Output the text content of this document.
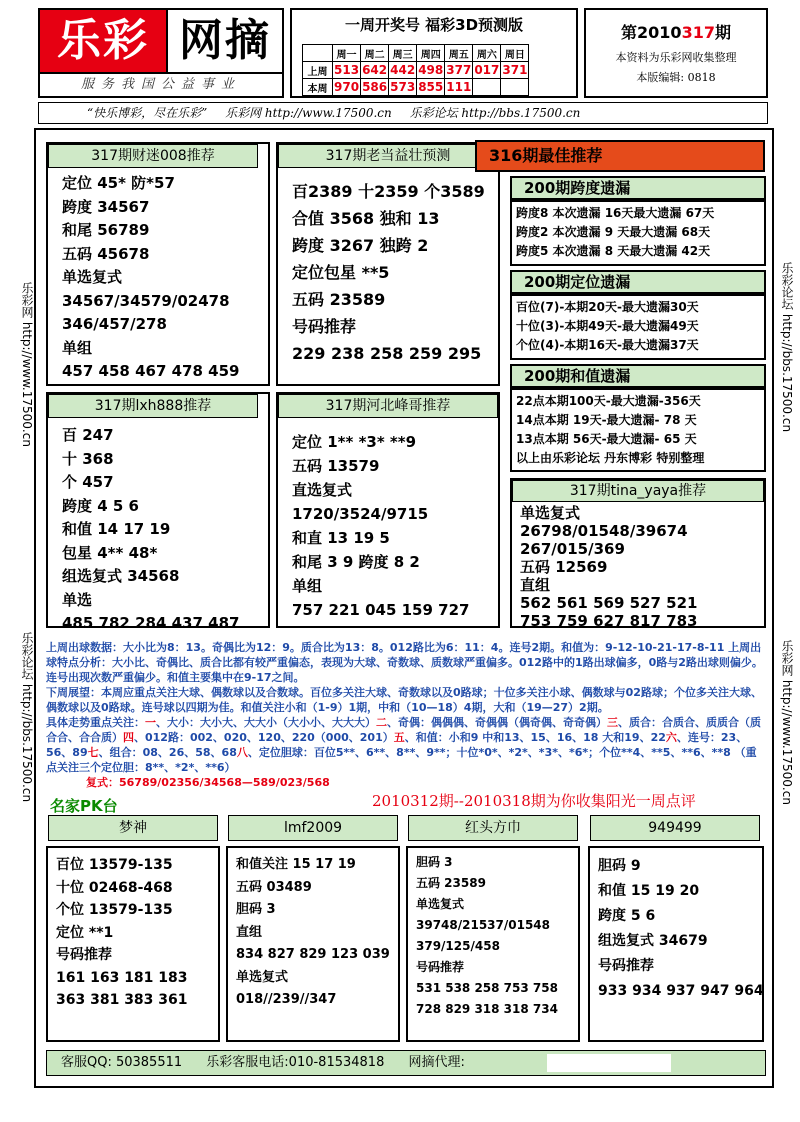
乐彩 网摘
服务我国公益事业
一周开奖号 福彩3D预测版
	周一	周二	周三	周四	周五	周六	周日
上周	513	642	442	498	377	017	371
本周	970	586	573	855	111		
第2010317期
本资料为乐彩网收集整理
本版编辑: 0818
“快乐博彩，尽在乐彩” 乐彩网 http://www.17500.cn 乐彩论坛 http://bbs.17500.cn
乐彩网 http://www.17500.cn
乐彩论坛 http://bbs.17500.cn
乐彩论坛 http://bbs.17500.cn
乐彩网 http://www.17500.cn
317期财迷008推荐
定位 45* 防*57
跨度 34567
和尾 56789
五码 45678
单选复式
34567/34579/02478
346/457/278
单组
457 458 467 478 459
317期老当益壮预测
百2389 十2359 个3589
合值 3568 独和 13
跨度 3267 独跨 2
定位包星 **5
五码 23589
号码推荐
229 238 258 259 295
317期lxh888推荐
百 247
十 368
个 457
跨度 4 5 6
和值 14 17 19
包星 4** 48*
组选复式 34568
单选
485 782 284 437 487
317期河北峰哥推荐
定位 1** *3* **9
五码 13579
直选复式
1720/3524/9715
和直 13 19 5
和尾 3 9 跨度 8 2
单组
757 221 045 159 727
316期最佳推荐
200期跨度遗漏
跨度8 本次遗漏 16天最大遗漏 67天
跨度2 本次遗漏 9 天最大遗漏 68天
跨度5 本次遗漏 8 天最大遗漏 42天
200期定位遗漏
百位(7)-本期20天-最大遗漏30天
十位(3)-本期49天-最大遗漏49天
个位(4)-本期16天-最大遗漏37天
200期和值遗漏
22点本期100天-最大遗漏-356天
14点本期 19天-最大遗漏- 78 天
13点本期 56天-最大遗漏- 65 天
以上由乐彩论坛 丹东博彩 特别整理
317期tina_yaya推荐
单选复式
26798/01548/39674
267/015/369
五码 12569
直组
562 561 569 527 521
753 759 627 817 783

上周出球数据：大小比为8：13。奇偶比为12：9。质合比为13：8。012路比为6：11：4。连号2期。和值为：9-12-10-21-17-8-11 上周出球特点分析：大小比、奇偶比、质合比都有较严重偏态，表现为大球、奇数球、质数球严重偏多。012路中的1路出球偏多，0路与2路出球则偏少。连号出现次数严重偏少。和值主要集中在9-17之间。

下周展望：本周应重点关注大球、偶数球以及合数球。百位多关注大球、奇数球以及0路球；十位多关注小球、偶数球与02路球；个位多关注大球、偶数球以及0路球。连号球以四期为佳。和值关注小和（1-9）1期，中和（10—18）4期，大和（19—27）2期。

具体走势重点关注：一、大小：大小大、大大小（大小小、大大大）二、奇偶：偶偶偶、奇偶偶（偶奇偶、奇奇偶）三、质合：合质合、质质合（质合合、合合质）四、012路：002、020、120、220（000、201）五、和值：小和9 中和13、15、16、18 大和19、22六、连号：23、56、89七、组合：08、26、58、68八、定位胆球：百位5**、6**、8**、9**；十位*0*、*2*、*3*、*6*；个位**4、**5、**6、**8 （重点关注三个定位胆：8**、*2*、**6）

复式：56789/02356/34568—589/023/568

名家PK台	2010312期--2010318期为你收集阳光一周点评
梦神	lmf2009	红头方巾	949499
百位 13579-135
十位 02468-468
个位 13579-135
定位 **1
号码推荐
161 163 181 183
363 381 383 361
和值关注 15 17 19
五码 03489
胆码 3
直组
834 827 829 123 039
单选复式
018//239//347
胆码 3
五码 23589
单选复式
39748/21537/01548
379/125/458
号码推荐
531 538 258 753 758
728 829 318 318 734
胆码 9
和值 15 19 20
跨度 5 6
组选复式 34679
号码推荐
933 934 937 947 964
客服QQ: 50385511 乐彩客服电话:010-81534818 网摘代理:
